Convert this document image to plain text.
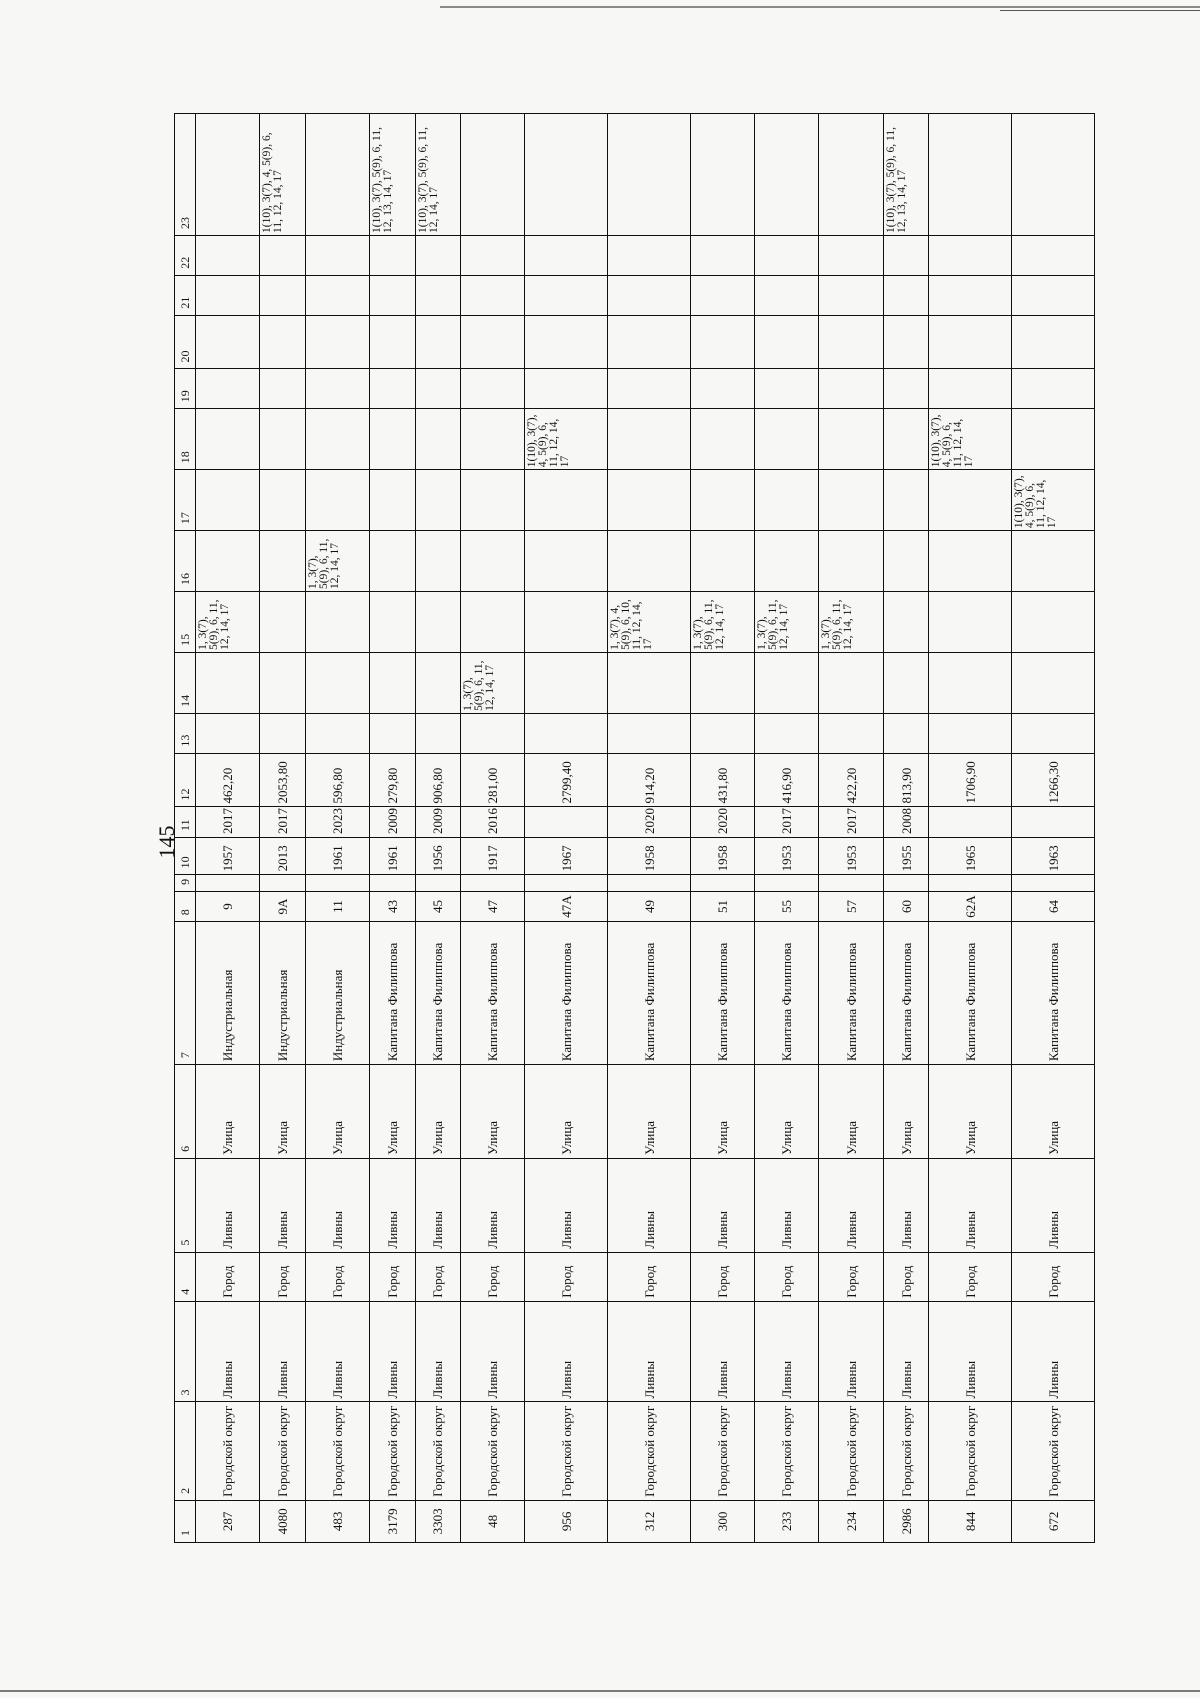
145
1	2	3	4	5	6	7	8	9	10	11	12	13	14	15	16	17	18	19	20	21	22	23
287	Городской округ	Ливны	Город	Ливны	Улица	Индустриальная	9		1957	2017	462,20			1, 3(7), 5(9), 6, 11, 12, 14, 17								
4080	Городской округ	Ливны	Город	Ливны	Улица	Индустриальная	9А		2013	2017	2053,80											1(10), 3(7), 4, 5(9), 6, 11, 12, 14, 17
483	Городской округ	Ливны	Город	Ливны	Улица	Индустриальная	11		1961	2023	596,80				1, 3(7), 5(9), 6, 11, 12, 14, 17							
3179	Городской округ	Ливны	Город	Ливны	Улица	Капитана Филиппова	43		1961	2009	279,80											1(10), 3(7), 5(9), 6, 11, 12, 13, 14, 17
3303	Городской округ	Ливны	Город	Ливны	Улица	Капитана Филиппова	45		1956	2009	906,80											1(10), 3(7), 5(9), 6, 11, 12, 14, 17
48	Городской округ	Ливны	Город	Ливны	Улица	Капитана Филиппова	47		1917	2016	281,00		1, 3(7), 5(9), 6, 11, 12, 14, 17									
956	Городской округ	Ливны	Город	Ливны	Улица	Капитана Филиппова	47А		1967		2799,40						1(10), 3(7), 4, 5(9), 6, 11, 12, 14, 17					
312	Городской округ	Ливны	Город	Ливны	Улица	Капитана Филиппова	49		1958	2020	914,20			1, 3(7), 4, 5(9), 6, 10, 11, 12, 14, 17								
300	Городской округ	Ливны	Город	Ливны	Улица	Капитана Филиппова	51		1958	2020	431,80			1, 3(7), 5(9), 6, 11, 12, 14, 17								
233	Городской округ	Ливны	Город	Ливны	Улица	Капитана Филиппова	55		1953	2017	416,90			1, 3(7), 5(9), 6, 11, 12, 14, 17								
234	Городской округ	Ливны	Город	Ливны	Улица	Капитана Филиппова	57		1953	2017	422,20			1, 3(7), 5(9), 6, 11, 12, 14, 17								
2986	Городской округ	Ливны	Город	Ливны	Улица	Капитана Филиппова	60		1955	2008	813,90											1(10), 3(7), 5(9), 6, 11, 12, 13, 14, 17
844	Городской округ	Ливны	Город	Ливны	Улица	Капитана Филиппова	62А		1965		1706,90						1(10), 3(7), 4, 5(9), 6, 11, 12, 14, 17					
672	Городской округ	Ливны	Город	Ливны	Улица	Капитана Филиппова	64		1963		1266,30					1(10), 3(7), 4, 5(9), 6, 11, 12, 14, 17						
